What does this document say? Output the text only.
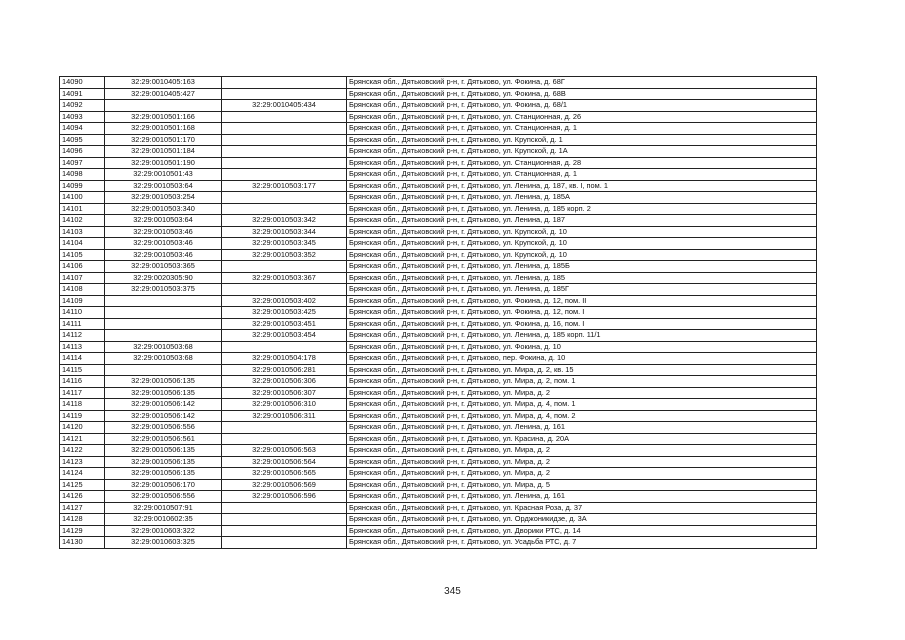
14090	32:29:0010405:163		Брянская обл., Дятьковский р-н, г. Дятьково, ул. Фокина, д. 68Г
14091	32:29:0010405:427		Брянская обл., Дятьковский р-н, г. Дятьково, ул. Фокина, д. 68В
14092		32:29:0010405:434	Брянская обл., Дятьковский р-н, г. Дятьково, ул. Фокина, д. 68/1
14093	32:29:0010501:166		Брянская обл., Дятьковский р-н, г. Дятьково, ул. Станционная, д. 26
14094	32:29:0010501:168		Брянская обл., Дятьковский р-н, г. Дятьково, ул. Станционная, д. 1
14095	32:29:0010501:170		Брянская обл., Дятьковский р-н, г. Дятьково, ул. Крупской, д. 1
14096	32:29:0010501:184		Брянская обл., Дятьковский р-н, г. Дятьково, ул. Крупской, д. 1А
14097	32:29:0010501:190		Брянская обл., Дятьковский р-н, г. Дятьково, ул. Станционная, д. 28
14098	32:29:0010501:43		Брянская обл., Дятьковский р-н, г. Дятьково, ул. Станционная, д. 1
14099	32:29:0010503:64	32:29:0010503:177	Брянская обл., Дятьковский р-н, г. Дятьково, ул. Ленина, д. 187, кв. I, пом. 1
14100	32:29:0010503:254		Брянская обл., Дятьковский р-н, г. Дятьково, ул. Ленина, д. 185А
14101	32:29:0010503:340		Брянская обл., Дятьковский р-н, г. Дятьково, ул. Ленина, д. 185 корп. 2
14102	32:29:0010503:64	32:29:0010503:342	Брянская обл., Дятьковский р-н, г. Дятьково, ул. Ленина, д. 187
14103	32:29:0010503:46	32:29:0010503:344	Брянская обл., Дятьковский р-н, г. Дятьково, ул. Крупской, д. 10
14104	32:29:0010503:46	32:29:0010503:345	Брянская обл., Дятьковский р-н, г. Дятьково, ул. Крупской, д. 10
14105	32:29:0010503:46	32:29:0010503:352	Брянская обл., Дятьковский р-н, г. Дятьково, ул. Крупской, д. 10
14106	32:29:0010503:365		Брянская обл., Дятьковский р-н, г. Дятьково, ул. Ленина, д. 185Б
14107	32:29:0020305:90	32:29:0010503:367	Брянская обл., Дятьковский р-н, г. Дятьково, ул. Ленина, д. 185
14108	32:29:0010503:375		Брянская обл., Дятьковский р-н, г. Дятьково, ул. Ленина, д. 185Г
14109		32:29:0010503:402	Брянская обл., Дятьковский р-н, г. Дятьково, ул. Фокина, д. 12, пом. II
14110		32:29:0010503:425	Брянская обл., Дятьковский р-н, г. Дятьково, ул. Фокина, д. 12, пом. I
14111		32:29:0010503:451	Брянская обл., Дятьковский р-н, г. Дятьково, ул. Фокина, д. 16, пом. I
14112		32:29:0010503:454	Брянская обл., Дятьковский р-н, г. Дятьково, ул. Ленина, д. 185 корп. 11/1
14113	32:29:0010503:68		Брянская обл., Дятьковский р-н, г. Дятьково, ул. Фокина, д. 10
14114	32:29:0010503:68	32:29:0010504:178	Брянская обл., Дятьковский р-н, г. Дятьково, пер. Фокина, д. 10
14115		32:29:0010506:281	Брянская обл., Дятьковский р-н, г. Дятьково, ул. Мира, д. 2, кв. 15
14116	32:29:0010506:135	32:29:0010506:306	Брянская обл., Дятьковский р-н, г. Дятьково, ул. Мира, д. 2, пом. 1
14117	32:29:0010506:135	32:29:0010506:307	Брянская обл., Дятьковский р-н, г. Дятьково, ул. Мира, д. 2
14118	32:29:0010506:142	32:29:0010506:310	Брянская обл., Дятьковский р-н, г. Дятьково, ул. Мира, д. 4, пом. 1
14119	32:29:0010506:142	32:29:0010506:311	Брянская обл., Дятьковский р-н, г. Дятьково, ул. Мира, д. 4, пом. 2
14120	32:29:0010506:556		Брянская обл., Дятьковский р-н, г. Дятьково, ул. Ленина, д. 161
14121	32:29:0010506:561		Брянская обл., Дятьковский р-н, г. Дятьково, ул. Красина, д. 20А
14122	32:29:0010506:135	32:29:0010506:563	Брянская обл., Дятьковский р-н, г. Дятьково, ул. Мира, д. 2
14123	32:29:0010506:135	32:29:0010506:564	Брянская обл., Дятьковский р-н, г. Дятьково, ул. Мира, д. 2
14124	32:29:0010506:135	32:29:0010506:565	Брянская обл., Дятьковский р-н, г. Дятьково, ул. Мира, д. 2
14125	32:29:0010506:170	32:29:0010506:569	Брянская обл., Дятьковский р-н, г. Дятьково, ул. Мира, д. 5
14126	32:29:0010506:556	32:29:0010506:596	Брянская обл., Дятьковский р-н, г. Дятьково, ул. Ленина, д. 161
14127	32:29:0010507:91		Брянская обл., Дятьковский р-н, г. Дятьково, ул. Красная Роза, д. 37
14128	32:29:0010602:35		Брянская обл., Дятьковский р-н, г. Дятьково, ул. Орджоникидзе, д. 3А
14129	32:29:0010603:322		Брянская обл., Дятьковский р-н, г. Дятьково, ул. Дворики РТС, д. 14
14130	32:29:0010603:325		Брянская обл., Дятьковский р-н, г. Дятьково, ул. Усадьба РТС, д. 7
345
